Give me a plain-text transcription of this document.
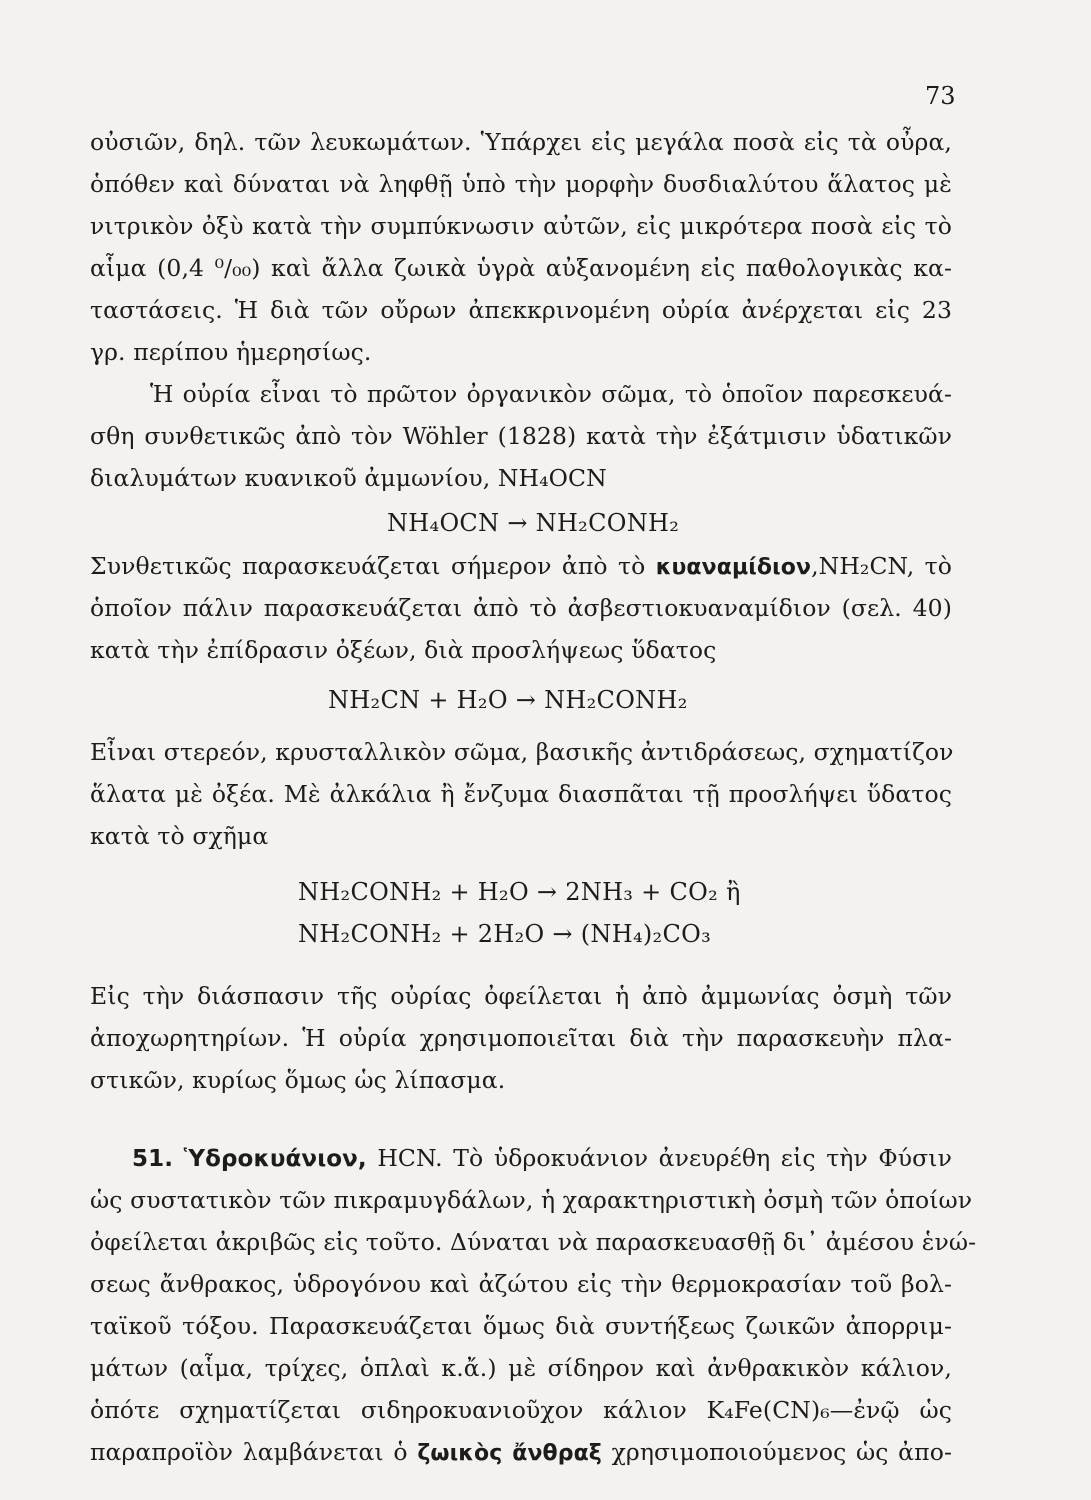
73
οὐσιῶν, δηλ. τῶν λευκωμάτων. Ὑπάρχει εἰς μεγάλα ποσὰ εἰς τὰ οὖρα,
ὁπόθεν καὶ δύναται νὰ ληφθῇ ὑπὸ τὴν μορφὴν δυσδιαλύτου ἅλατος μὲ
νιτρικὸν ὀξὺ κατὰ τὴν συμπύκνωσιν αὐτῶν, εἰς μικρότερα ποσὰ εἰς τὸ
αἷμα (0,4 ⁰/₀₀) καὶ ἄλλα ζωικὰ ὑγρὰ αὐξανομένη εἰς παθολογικὰς κα-
ταστάσεις. Ἡ διὰ τῶν οὔρων ἀπεκκρινομένη οὐρία ἀνέρχεται εἰς 23
γρ. περίπου ἡμερησίως.
Ἡ οὐρία εἶναι τὸ πρῶτον ὀργανικὸν σῶμα, τὸ ὁποῖον παρεσκευά-
σθη συνθετικῶς ἀπὸ τὸν Wöhler (1828) κατὰ τὴν ἐξάτμισιν ὑδατικῶν
διαλυμάτων κυανικοῦ ἀμμωνίου, NH₄OCN
NH₄OCN → NH₂CONH₂
Συνθετικῶς παρασκευάζεται σήμερον ἀπὸ τὸ κυαναμίδιον,NH₂CN, τὸ
ὁποῖον πάλιν παρασκευάζεται ἀπὸ τὸ ἀσβεστιοκυαναμίδιον (σελ. 40)
κατὰ τὴν ἐπίδρασιν ὀξέων, διὰ προσλήψεως ὕδατος
NH₂CN + H₂O → NH₂CONH₂
Εἶναι στερεόν, κρυσταλλικὸν σῶμα, βασικῆς ἀντιδράσεως, σχηματίζον
ἅλατα μὲ ὀξέα. Μὲ ἀλκάλια ἢ ἔνζυμα διασπᾶται τῇ προσλήψει ὕδατος
κατὰ τὸ σχῆμα
NH₂CONH₂ + H₂O → 2NH₃ + CO₂ ἢ
NH₂CONH₂ + 2H₂O → (NH₄)₂CO₃
Εἰς τὴν διάσπασιν τῆς οὐρίας ὀφείλεται ἡ ἀπὸ ἀμμωνίας ὀσμὴ τῶν
ἀποχωρητηρίων. Ἡ οὐρία χρησιμοποιεῖται διὰ τὴν παρασκευὴν πλα-
στικῶν, κυρίως ὅμως ὡς λίπασμα.
51. Ὑδροκυάνιον, HCN. Τὸ ὑδροκυάνιον ἀνευρέθη εἰς τὴν Φύσιν
ὡς συστατικὸν τῶν πικραμυγδάλων, ἡ χαρακτηριστικὴ ὀσμὴ τῶν ὁποίων
ὀφείλεται ἀκριβῶς εἰς τοῦτο. Δύναται νὰ παρασκευασθῇ δι᾽ ἀμέσου ἑνώ-
σεως ἄνθρακος, ὑδρογόνου καὶ ἀζώτου εἰς τὴν θερμοκρασίαν τοῦ βολ-
ταϊκοῦ τόξου. Παρασκευάζεται ὅμως διὰ συντήξεως ζωικῶν ἀπορριμ-
μάτων (αἷμα, τρίχες, ὁπλαὶ κ.ἄ.) μὲ σίδηρον καὶ ἀνθρακικὸν κάλιον,
ὁπότε σχηματίζεται σιδηροκυανιοῦχον κάλιον K₄Fe(CN)₆—ἐνῷ ὡς
παραπροϊὸν λαμβάνεται ὁ ζωικὸς ἄνθραξ χρησιμοποιούμενος ὡς ἀπο-
